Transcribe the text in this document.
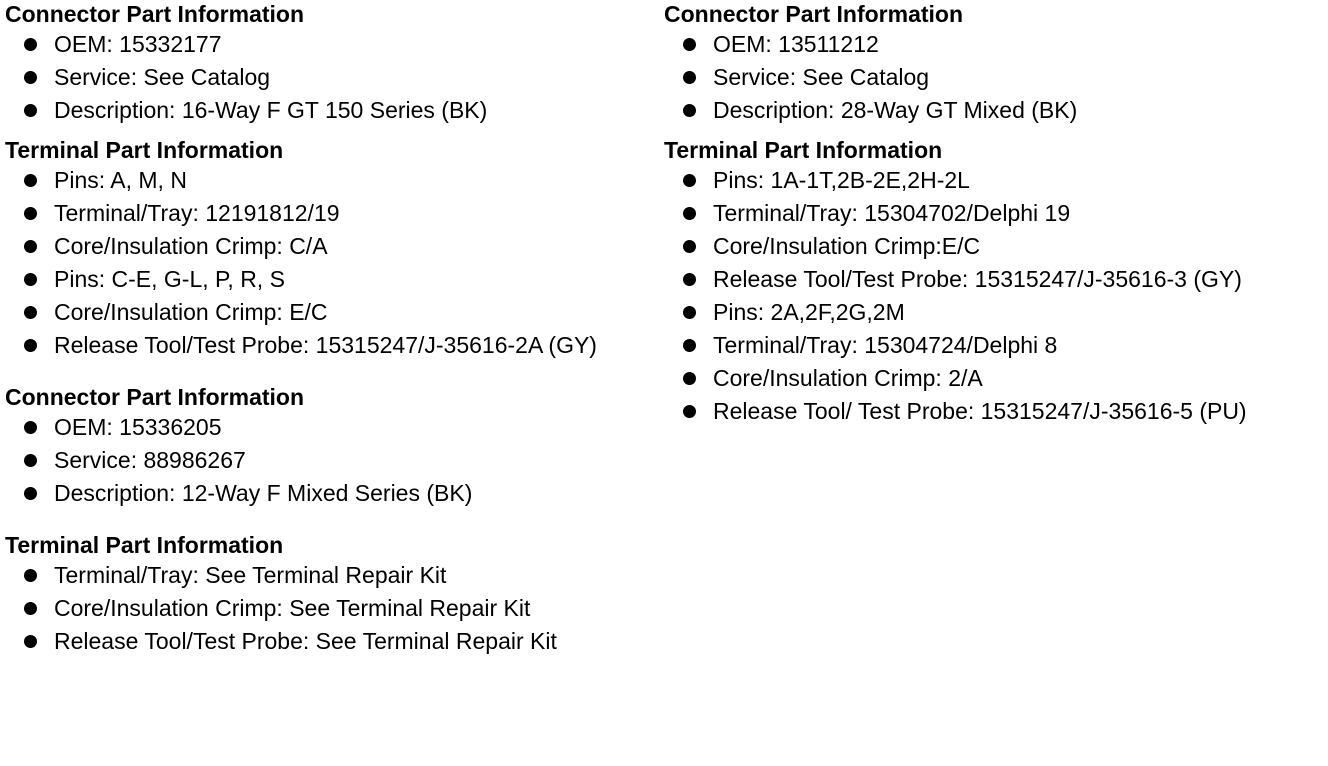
Connector Part Information
OEM: 15332177
Service: See Catalog
Description: 16-Way F GT 150 Series (BK)
Terminal Part Information
Pins: A, M, N
Terminal/Tray: 12191812/19
Core/Insulation Crimp: C/A
Pins: C-E, G-L, P, R, S
Core/Insulation Crimp: E/C
Release Tool/Test Probe: 15315247/J-35616-2A (GY)
Connector Part Information
OEM: 15336205
Service: 88986267
Description: 12-Way F Mixed Series (BK)
Terminal Part Information
Terminal/Tray: See Terminal Repair Kit
Core/Insulation Crimp: See Terminal Repair Kit
Release Tool/Test Probe: See Terminal Repair Kit
Connector Part Information
OEM: 13511212
Service: See Catalog
Description: 28-Way GT Mixed (BK)
Terminal Part Information
Pins: 1A-1T,2B-2E,2H-2L
Terminal/Tray: 15304702/Delphi 19
Core/Insulation Crimp:E/C
Release Tool/Test Probe: 15315247/J-35616-3 (GY)
Pins: 2A,2F,2G,2M
Terminal/Tray: 15304724/Delphi 8
Core/Insulation Crimp: 2/A
Release Tool/ Test Probe: 15315247/J-35616-5 (PU)
